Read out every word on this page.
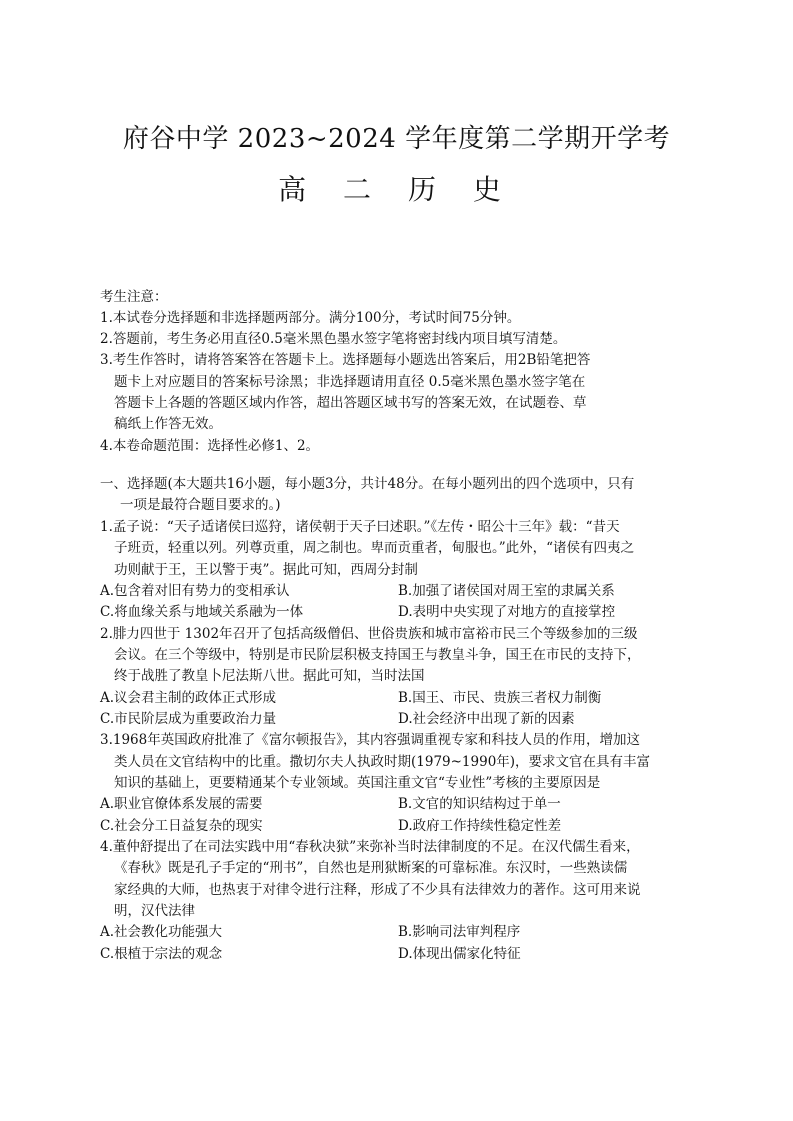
府谷中学 2023~2024 学年度第二学期开学考
高 二 历 史
考生注意：
1.本试卷分选择题和非选择题两部分。满分100分，考试时间75分钟。
2.答题前，考生务必用直径0.5毫米黑色墨水签字笔将密封线内项目填写清楚。
3.考生作答时，请将答案答在答题卡上。选择题每小题选出答案后，用2B铅笔把答
题卡上对应题目的答案标号涂黑；非选择题请用直径 0.5毫米黑色墨水签字笔在
答题卡上各题的答题区域内作答，超出答题区域书写的答案无效，在试题卷、草
稿纸上作答无效。
4.本卷命题范围：选择性必修1、2。
一、选择题(本大题共16小题，每小题3分，共计48分。在每小题列出的四个选项中，只有
一项是最符合题目要求的。)
1.孟子说：“天子适诸侯曰巡狩，诸侯朝于天子曰述职。”《左传・昭公十三年》载：“昔天
子班贡，轻重以列。列尊贡重，周之制也。卑而贡重者，甸服也。”此外，“诸侯有四夷之
功则献于王，王以警于夷”。据此可知，西周分封制
A.包含着对旧有势力的变相承认	B.加强了诸侯国对周王室的隶属关系
C.将血缘关系与地域关系融为一体	D.表明中央实现了对地方的直接掌控
2.腓力四世于 1302年召开了包括高级僧侣、世俗贵族和城市富裕市民三个等级参加的三级
会议。在三个等级中，特别是市民阶层积极支持国王与教皇斗争，国王在市民的支持下，
终于战胜了教皇卜尼法斯八世。据此可知，当时法国
A.议会君主制的政体正式形成	B.国王、市民、贵族三者权力制衡
C.市民阶层成为重要政治力量	D.社会经济中出现了新的因素
3.1968年英国政府批准了《富尔顿报告》，其内容强调重视专家和科技人员的作用，增加这
类人员在文官结构中的比重。撒切尔夫人执政时期(1979~1990年)，要求文官在具有丰富
知识的基础上，更要精通某个专业领域。英国注重文官“专业性”考核的主要原因是
A.职业官僚体系发展的需要	B.文官的知识结构过于单一
C.社会分工日益复杂的现实	D.政府工作持续性稳定性差
4.董仲舒提出了在司法实践中用“春秋决狱”来弥补当时法律制度的不足。在汉代儒生看来，
《春秋》既是孔子手定的“刑书”，自然也是刑狱断案的可靠标准。东汉时，一些熟读儒
家经典的大师，也热衷于对律令进行注释，形成了不少具有法律效力的著作。这可用来说
明，汉代法律
A.社会教化功能强大	B.影响司法审判程序
C.根植于宗法的观念	D.体现出儒家化特征
